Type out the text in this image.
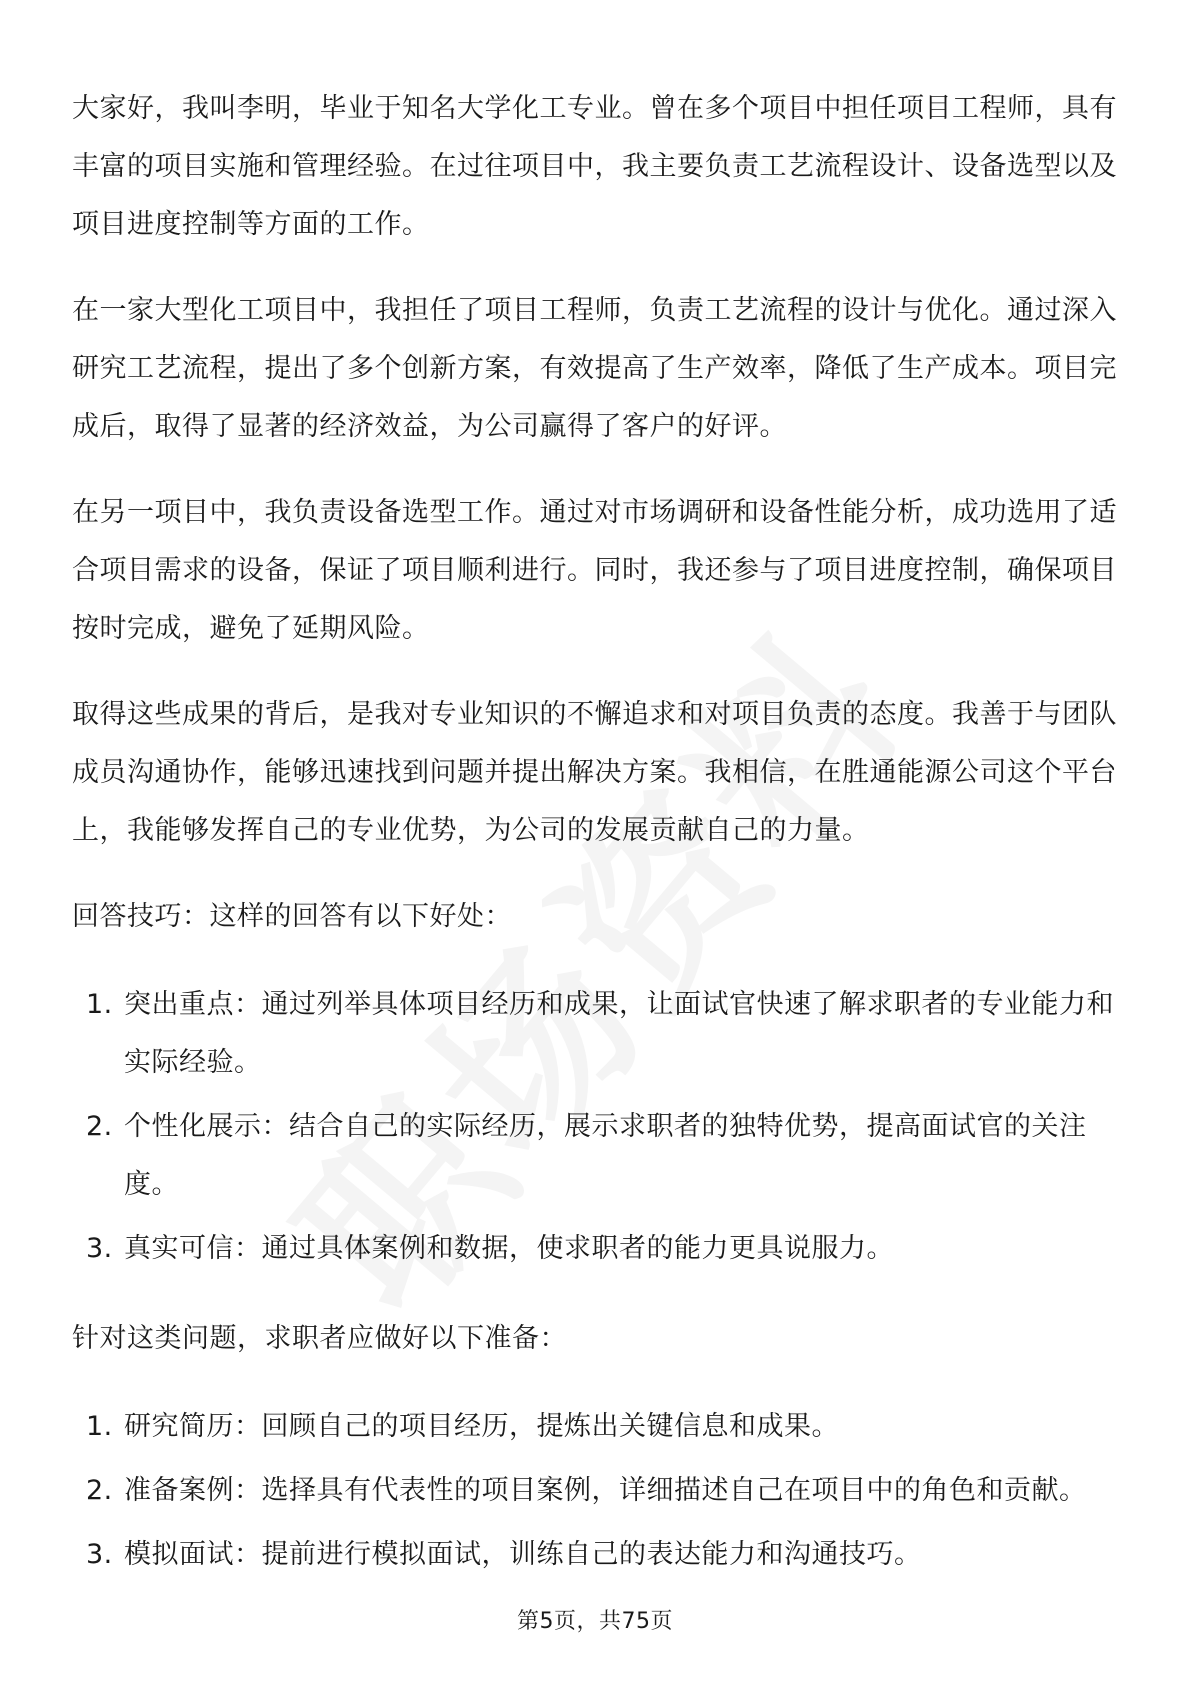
大家好，我叫李明，毕业于知名大学化工专业。曾在多个项目中担任项目工程师，具有丰富的项目实施和管理经验。在过往项目中，我主要负责工艺流程设计、设备选型以及项目进度控制等方面的工作。

在一家大型化工项目中，我担任了项目工程师，负责工艺流程的设计与优化。通过深入研究工艺流程，提出了多个创新方案，有效提高了生产效率，降低了生产成本。项目完成后，取得了显著的经济效益，为公司赢得了客户的好评。

在另一项目中，我负责设备选型工作。通过对市场调研和设备性能分析，成功选用了适合项目需求的设备，保证了项目顺利进行。同时，我还参与了项目进度控制，确保项目按时完成，避免了延期风险。

取得这些成果的背后，是我对专业知识的不懈追求和对项目负责的态度。我善于与团队成员沟通协作，能够迅速找到问题并提出解决方案。我相信，在胜通能源公司这个平台上，我能够发挥自己的专业优势，为公司的发展贡献自己的力量。

回答技巧：这样的回答有以下好处：

1. 突出重点：通过列举具体项目经历和成果，让面试官快速了解求职者的专业能力和实际经验。
2. 个性化展示：结合自己的实际经历，展示求职者的独特优势，提高面试官的关注度。
3. 真实可信：通过具体案例和数据，使求职者的能力更具说服力。

针对这类问题，求职者应做好以下准备：

1. 研究简历：回顾自己的项目经历，提炼出关键信息和成果。
2. 准备案例：选择具有代表性的项目案例，详细描述自己在项目中的角色和贡献。
3. 模拟面试：提前进行模拟面试，训练自己的表达能力和沟通技巧。
第5页，共75页
